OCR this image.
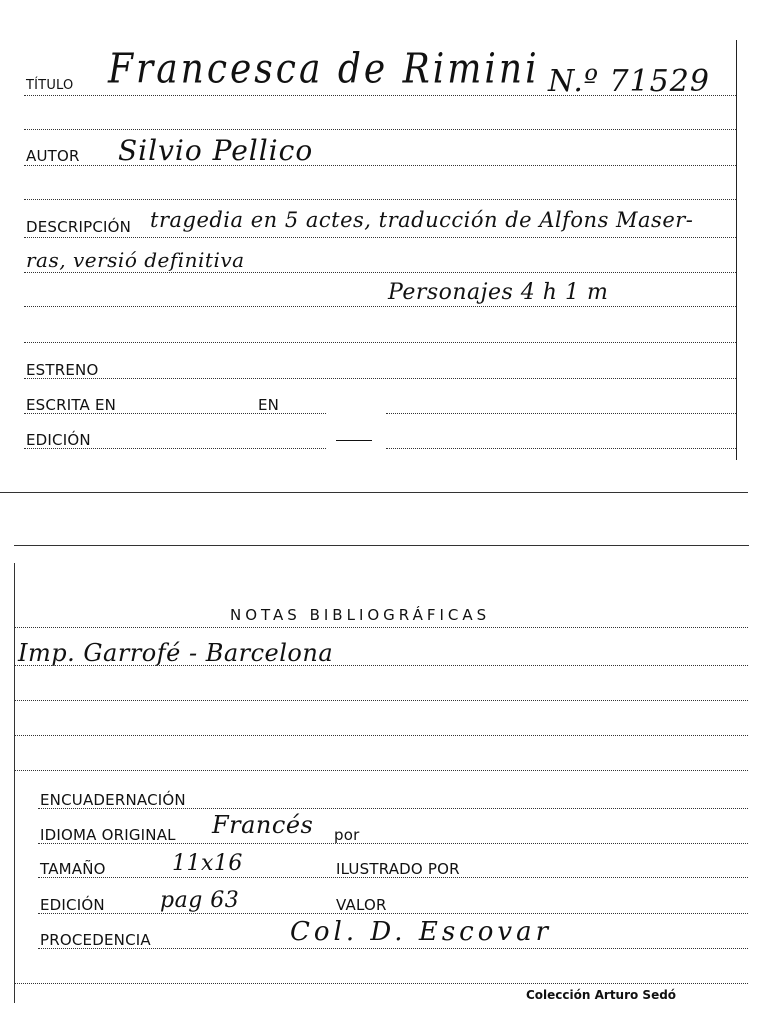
TÍTULO Francesca de Rimini N.º 71529
AUTOR Silvio Pellico
DESCRIPCIÓN tragedia en 5 actes, traducción de Alfons Maser-
ras, versió definitiva
Personajes 4 h 1 m
ESTRENO
ESCRITA EN	EN
EDICIÓN
NOTAS BIBLIOGRÁFICAS
Imp. Garrofé - Barcelona
ENCUADERNACIÓN
IDIOMA ORIGINAL Francés por
TAMAÑO	11x16	ILUSTRADO POR
EDICIÓN	pag 63	VALOR
PROCEDENCIA	Col. D. Escovar
Colección Arturo Sedó
